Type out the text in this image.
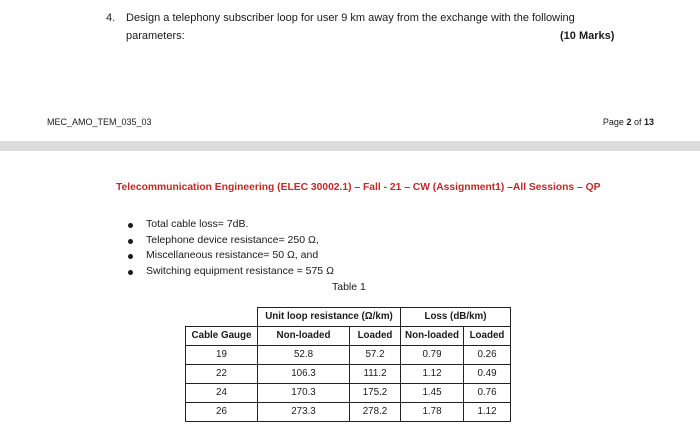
4. Design a telephony subscriber loop for user 9 km away from the exchange with the following
parameters:	(10 Marks)
MEC_AMO_TEM_035_03	Page 2 of 13
Telecommunication Engineering (ELEC 30002.1) – Fall - 21 – CW (Assignment1) –All Sessions – QP
Total cable loss= 7dB.
Telephone device resistance= 250 Ω,
Miscellaneous resistance= 50 Ω, and
Switching equipment resistance = 575 Ω
Table 1
	Unit loop resistance (Ω/km)		Loss (dB/km)	
Cable Gauge	Non-loaded	Loaded	Non-loaded	Loaded
19	52.8	57.2	0.79	0.26
22	106.3	111.2	1.12	0.49
24	170.3	175.2	1.45	0.76
26	273.3	278.2	1.78	1.12
